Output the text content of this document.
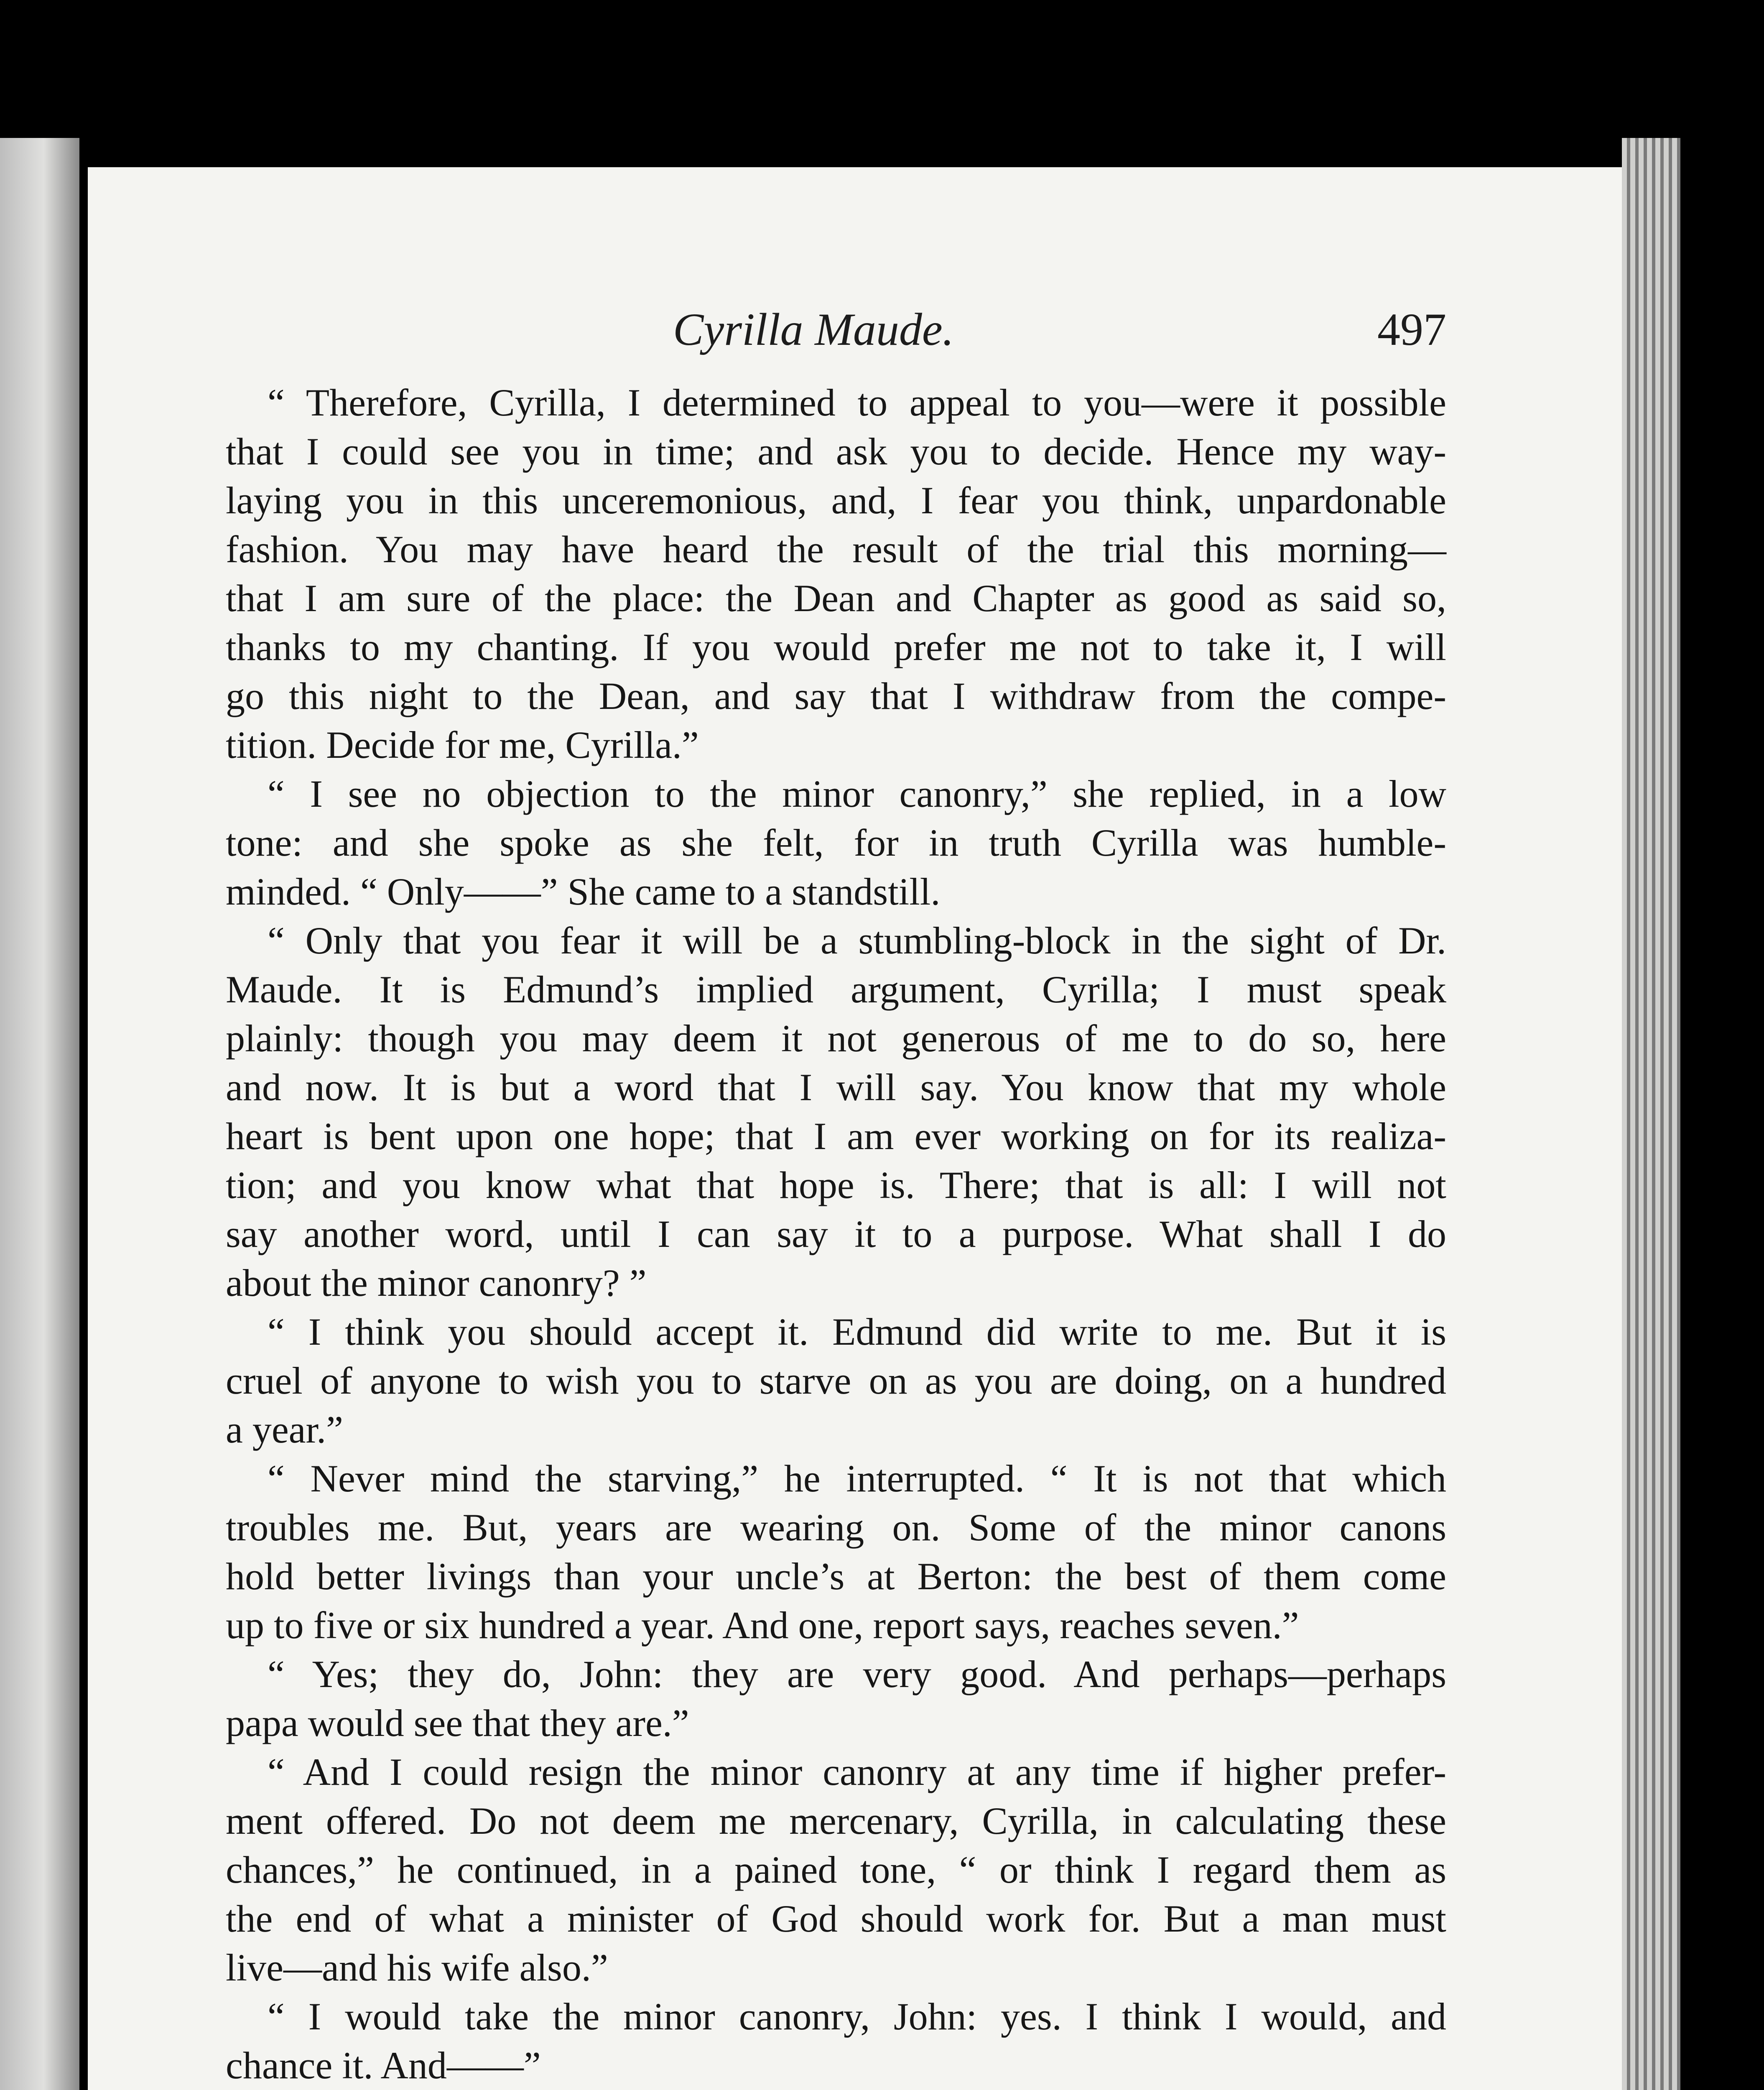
Cyrilla Maude.	497
“ Therefore, Cyrilla, I determined to appeal to you—were it possible
that I could see you in time; and ask you to decide. Hence my way-
laying you in this unceremonious, and, I fear you think, unpardonable
fashion. You may have heard the result of the trial this morning—
that I am sure of the place: the Dean and Chapter as good as said so,
thanks to my chanting. If you would prefer me not to take it, I will
go this night to the Dean, and say that I withdraw from the compe-
tition. Decide for me, Cyrilla.”
“ I see no objection to the minor canonry,” she replied, in a low
tone: and she spoke as she felt, for in truth Cyrilla was humble-
minded. “ Only——” She came to a standstill.
“ Only that you fear it will be a stumbling-block in the sight of Dr.
Maude. It is Edmund’s implied argument, Cyrilla; I must speak
plainly: though you may deem it not generous of me to do so, here
and now. It is but a word that I will say. You know that my whole
heart is bent upon one hope; that I am ever working on for its realiza-
tion; and you know what that hope is. There; that is all: I will not
say another word, until I can say it to a purpose. What shall I do
about the minor canonry? ”
“ I think you should accept it. Edmund did write to me. But it is
cruel of anyone to wish you to starve on as you are doing, on a hundred
a year.”
“ Never mind the starving,” he interrupted. “ It is not that which
troubles me. But, years are wearing on. Some of the minor canons
hold better livings than your uncle’s at Berton: the best of them come
up to five or six hundred a year. And one, report says, reaches seven.”
“ Yes; they do, John: they are very good. And perhaps—perhaps
papa would see that they are.”
“ And I could resign the minor canonry at any time if higher prefer-
ment offered. Do not deem me mercenary, Cyrilla, in calculating these
chances,” he continued, in a pained tone, “ or think I regard them as
the end of what a minister of God should work for. But a man must
live—and his wife also.”
“ I would take the minor canonry, John: yes. I think I would, and
chance it. And——”
